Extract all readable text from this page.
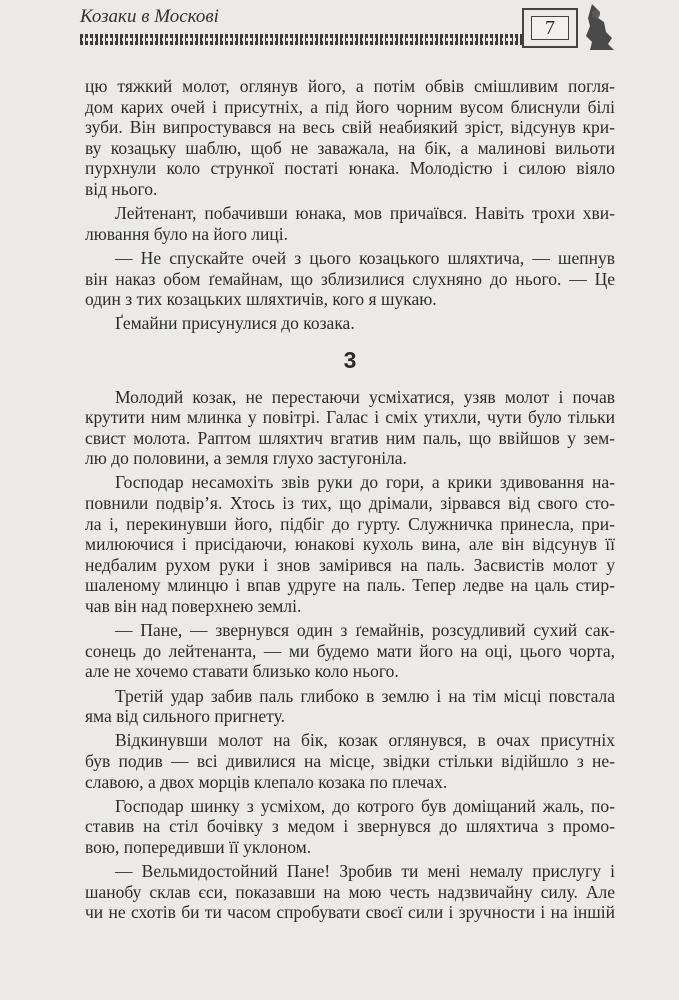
Козаки в Москові	7
цю тяжкий молот, оглянув його, а потім обвів смішливим погля-
дом карих очей і присутніх, а під його чорним вусом блиснули білі
зуби. Він випростувався на весь свій неабиякий зріст, відсунув кри-
ву козацьку шаблю, щоб не заважала, на бік, а малинові вильоти
пурхнули коло стрункої постаті юнака. Молодістю і силою віяло
від нього.
Лейтенант, побачивши юнака, мов причаївся. Навіть трохи хви-
лювання було на його лиці.
— Не спускайте очей з цього козацького шляхтича, — шепнув
він наказ обом ґемайнам, що зблизилися слухняно до нього. — Це
один з тих козацьких шляхтичів, кого я шукаю.
Ґемайни присунулися до козака.
3
Молодий козак, не перестаючи усміхатися, узяв молот і почав
крутити ним млинка у повітрі. Галас і сміх утихли, чути було тільки
свист молота. Раптом шляхтич вгатив ним паль, що ввійшов у зем-
лю до половини, а земля глухо застугоніла.
Господар несамохіть звів руки до гори, а крики здивовання на-
повнили подвір’я. Хтось із тих, що дрімали, зірвався від свого сто-
ла і, перекинувши його, підбіг до гурту. Служничка принесла, при-
милюючися і присідаючи, юнакові кухоль вина, але він відсунув її
недбалим рухом руки і знов замірився на паль. Засвистів молот у
шаленому млинцю і впав удруге на паль. Тепер ледве на цаль стир-
чав він над поверхнею землі.
— Пане, — звернувся один з ґемайнів, розсудливий сухий сак-
сонець до лейтенанта, — ми будемо мати його на оці, цього чорта,
але не хочемо ставати близько коло нього.
Третій удар забив паль глибоко в землю і на тім місці повстала
яма від сильного пригнету.
Відкинувши молот на бік, козак оглянувся, в очах присутніх
був подив — всі дивилися на місце, звідки стільки відійшло з не-
славою, а двох морців клепало козака по плечах.
Господар шинку з усміхом, до котрого був доміщаний жаль, по-
ставив на стіл бочівку з медом і звернувся до шляхтича з промо-
вою, попередивши її уклоном.
— Вельмидостойний Пане! Зробив ти мені немалу прислугу і
шанобу склав єси, показавши на мою честь надзвичайну силу. Але
чи не схотів би ти часом спробувати своєї сили і зручности і на іншій
